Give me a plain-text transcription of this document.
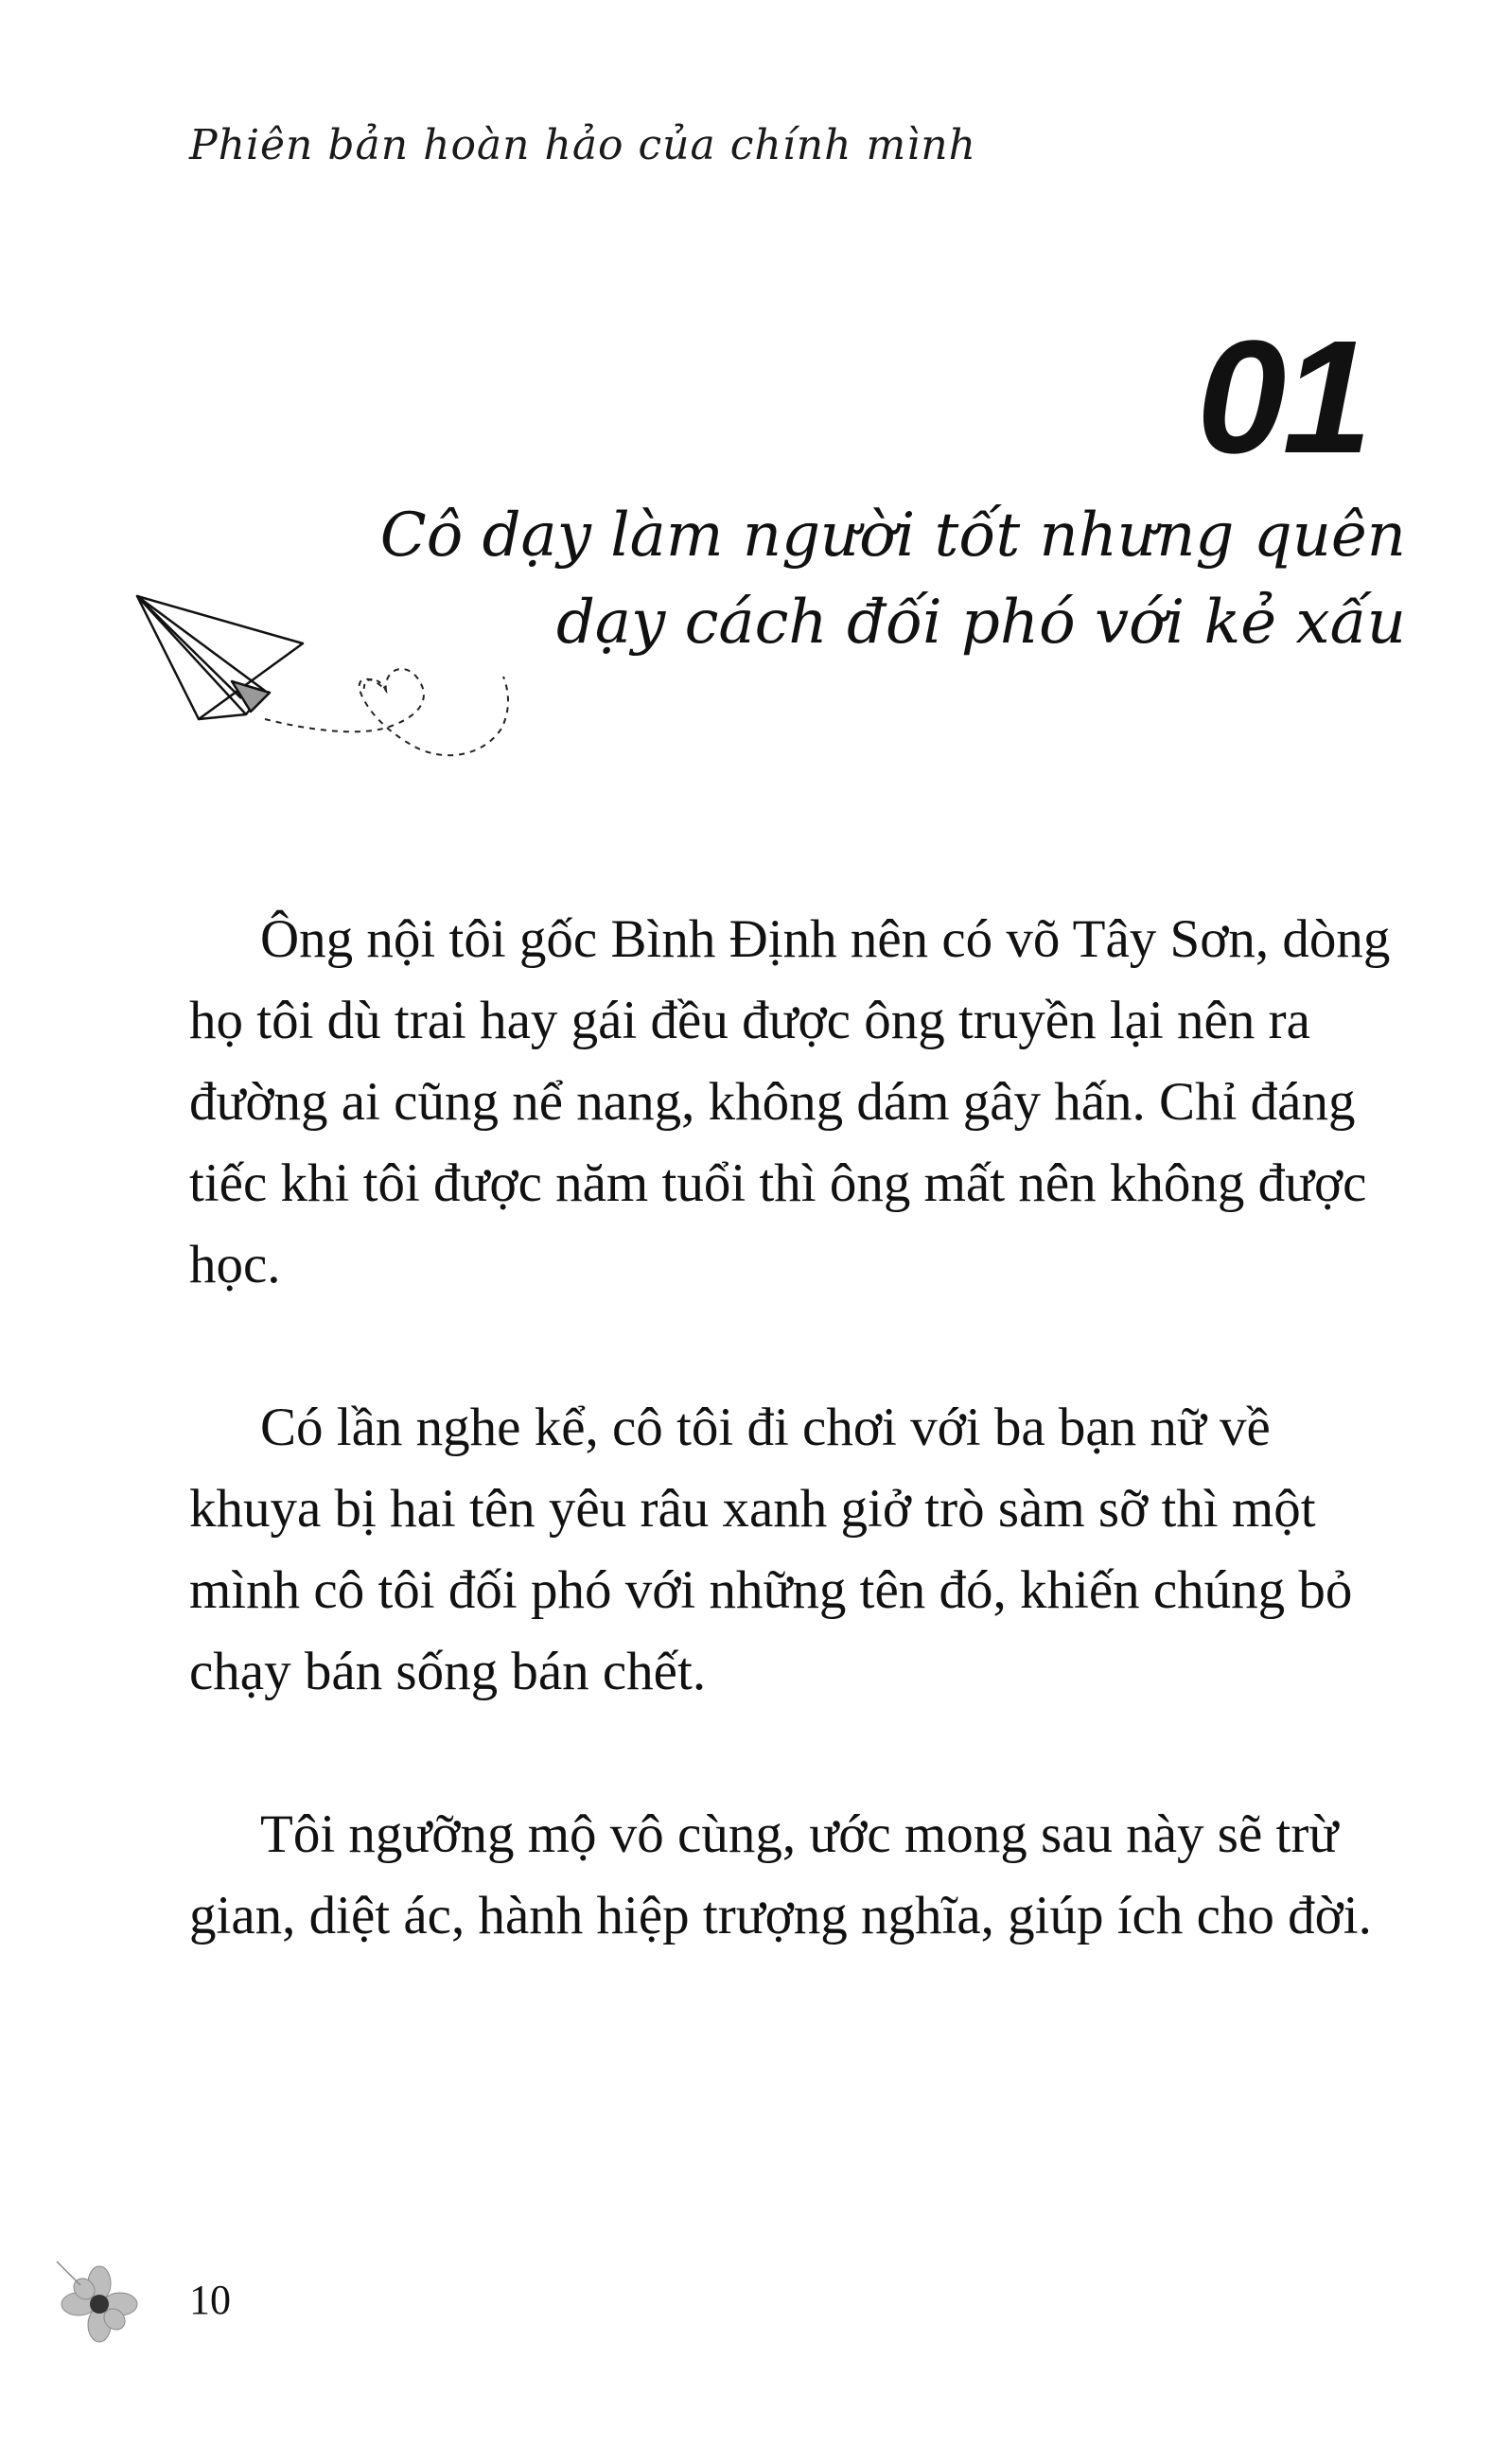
Phiên bản hoàn hảo của chính mình
01
Cô dạy làm người tốt nhưng quên
dạy cách đối phó với kẻ xấu

Ông nội tôi gốc Bình Định nên có võ Tây Sơn, dòng họ tôi dù trai hay gái đều được ông truyền lại nên ra đường ai cũng nể nang, không dám gây hấn. Chỉ đáng tiếc khi tôi được năm tuổi thì ông mất nên không được học.

Có lần nghe kể, cô tôi đi chơi với ba bạn nữ về khuya bị hai tên yêu râu xanh giở trò sàm sỡ thì một mình cô tôi đối phó với những tên đó, khiến chúng bỏ chạy bán sống bán chết.

Tôi ngưỡng mộ vô cùng, ước mong sau này sẽ trừ gian, diệt ác, hành hiệp trượng nghĩa, giúp ích cho đời.

10
